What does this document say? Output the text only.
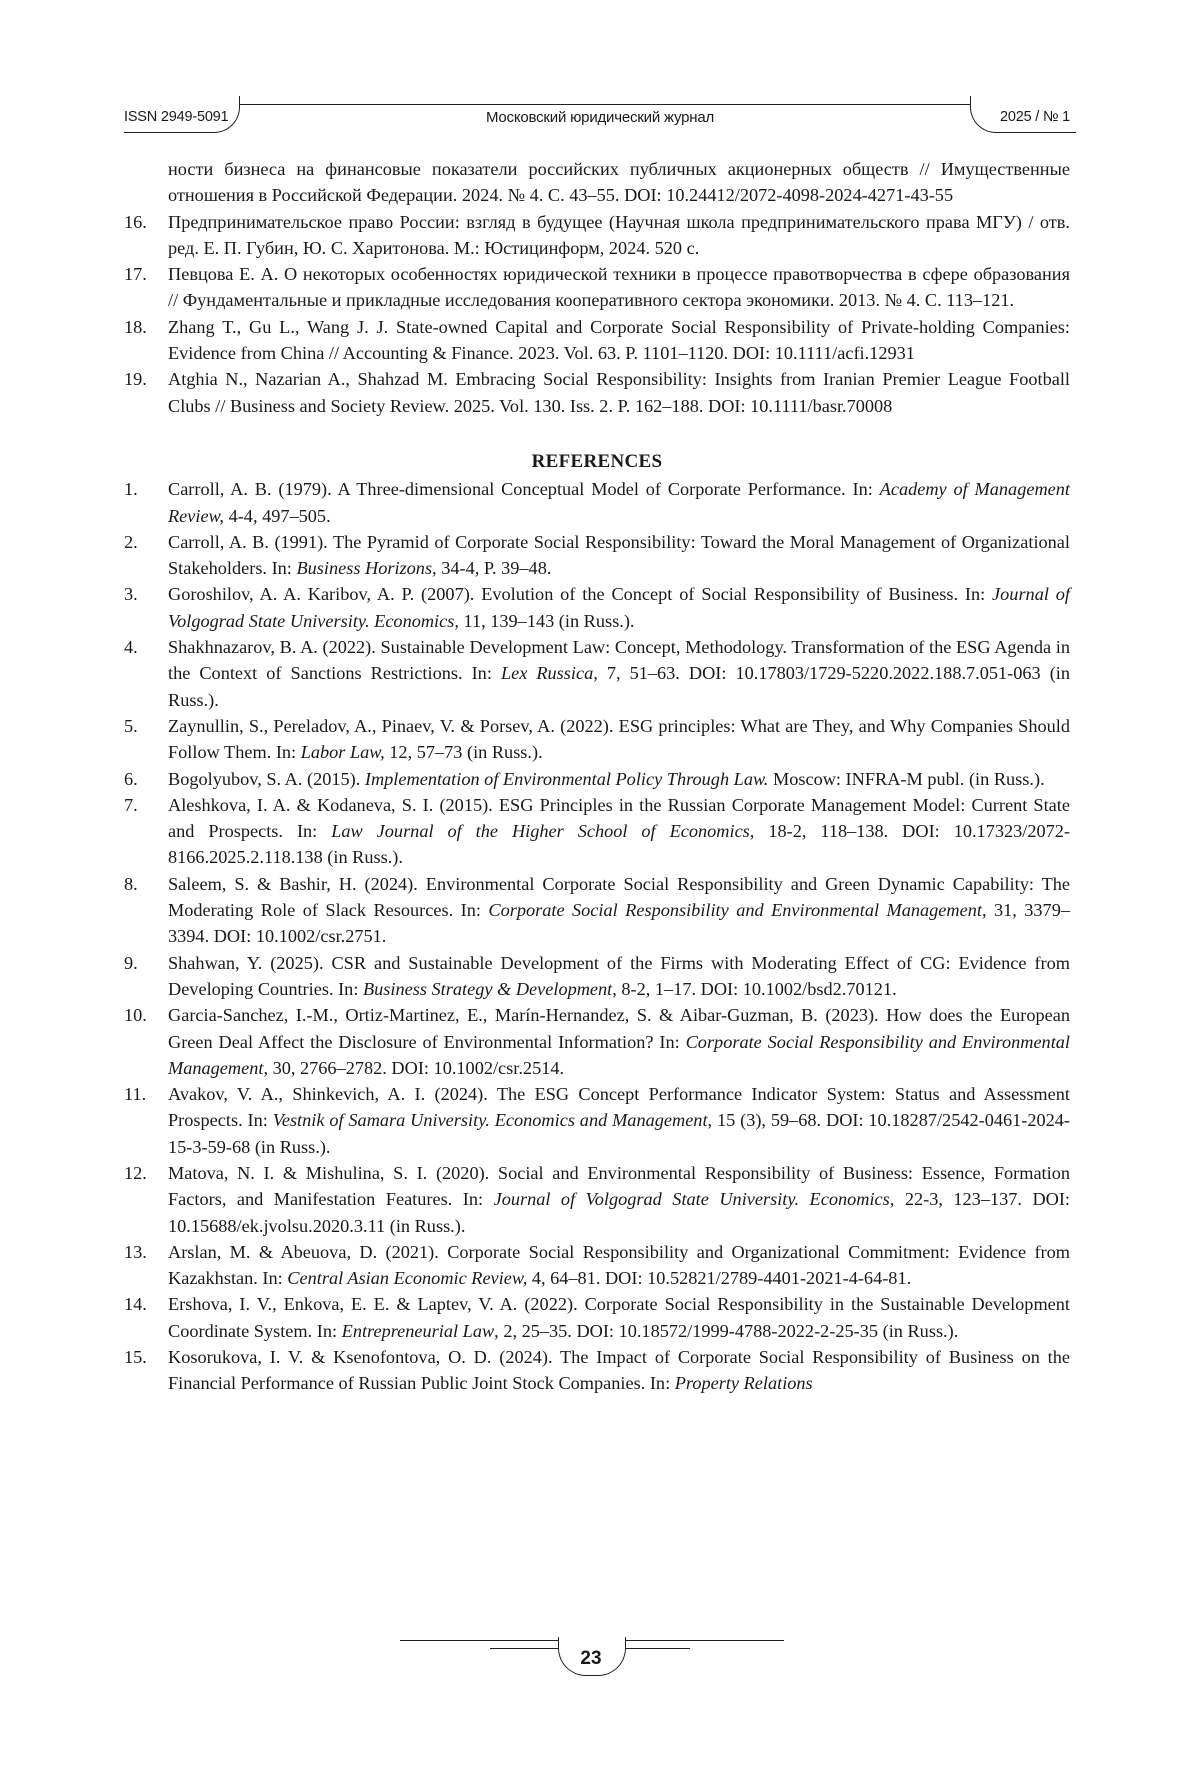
ISSN 2949-5091	Московский юридический журнал	2025 / № 1
ности бизнеса на финансовые показатели российских публичных акционерных обществ // Имущественные отношения в Российской Федерации. 2024. № 4. С. 43–55. DOI: 10.24412/2072-4098-2024-4271-43-55
16.	Предпринимательское право России: взгляд в будущее (Научная школа предпринимательского права МГУ) / отв. ред. Е. П. Губин, Ю. С. Харитонова. М.: Юстицинформ, 2024. 520 с.
17.	Певцова Е. А. О некоторых особенностях юридической техники в процессе правотворчества в сфере образования // Фундаментальные и прикладные исследования кооперативного сектора экономики. 2013. № 4. С. 113–121.
18.	Zhang T., Gu L., Wang J. J. State-owned Capital and Corporate Social Responsibility of Private-holding Companies: Evidence from China // Accounting & Finance. 2023. Vol. 63. P. 1101–1120. DOI: 10.1111/acfi.12931
19.	Atghia N., Nazarian A., Shahzad M. Embracing Social Responsibility: Insights from Iranian Premier League Football Clubs // Business and Society Review. 2025. Vol. 130. Iss. 2. P. 162–188. DOI: 10.1111/basr.70008
REFERENCES
1.	Carroll, A. B. (1979). A Three-dimensional Conceptual Model of Corporate Performance. In: Academy of Management Review, 4-4, 497–505.
2.	Carroll, A. B. (1991). The Pyramid of Corporate Social Responsibility: Toward the Moral Management of Organizational Stakeholders. In: Business Horizons, 34-4, P. 39–48.
3.	Goroshilov, A. A. Karibov, A. P. (2007). Evolution of the Concept of Social Responsibility of Business. In: Journal of Volgograd State University. Economics, 11, 139–143 (in Russ.).
4.	Shakhnazarov, B. A. (2022). Sustainable Development Law: Concept, Methodology. Transformation of the ESG Agenda in the Context of Sanctions Restrictions. In: Lex Russica, 7, 51–63. DOI: 10.17803/1729-5220.2022.188.7.051-063 (in Russ.).
5.	Zaynullin, S., Pereladov, A., Pinaev, V. & Porsev, A. (2022). ESG principles: What are They, and Why Companies Should Follow Them. In: Labor Law, 12, 57–73 (in Russ.).
6.	Bogolyubov, S. A. (2015). Implementation of Environmental Policy Through Law. Moscow: INFRA-M publ. (in Russ.).
7.	Aleshkova, I. A. & Kodaneva, S. I. (2015). ESG Principles in the Russian Corporate Management Model: Current State and Prospects. In: Law Journal of the Higher School of Economics, 18-2, 118–138. DOI: 10.17323/2072-8166.2025.2.118.138 (in Russ.).
8.	Saleem, S. & Bashir, H. (2024). Environmental Corporate Social Responsibility and Green Dynamic Capability: The Moderating Role of Slack Resources. In: Corporate Social Responsibility and Environmental Management, 31, 3379–3394. DOI: 10.1002/csr.2751.
9.	Shahwan, Y. (2025). CSR and Sustainable Development of the Firms with Moderating Effect of CG: Evidence from Developing Countries. In: Business Strategy & Development, 8-2, 1–17. DOI: 10.1002/bsd2.70121.
10.	Garcia-Sanchez, I.-M., Ortiz-Martinez, E., Marín-Hernandez, S. & Aibar-Guzman, B. (2023). How does the European Green Deal Affect the Disclosure of Environmental Information? In: Corporate Social Responsibility and Environmental Management, 30, 2766–2782. DOI: 10.1002/csr.2514.
11.	Avakov, V. A., Shinkevich, A. I. (2024). The ESG Concept Performance Indicator System: Status and Assessment Prospects. In: Vestnik of Samara University. Economics and Management, 15 (3), 59–68. DOI: 10.18287/2542-0461-2024-15-3-59-68 (in Russ.).
12.	Matova, N. I. & Mishulina, S. I. (2020). Social and Environmental Responsibility of Business: Essence, Formation Factors, and Manifestation Features. In: Journal of Volgograd State University. Economics, 22-3, 123–137. DOI: 10.15688/ek.jvolsu.2020.3.11 (in Russ.).
13.	Arslan, M. & Abeuova, D. (2021). Corporate Social Responsibility and Organizational Commitment: Evidence from Kazakhstan. In: Central Asian Economic Review, 4, 64–81. DOI: 10.52821/2789-4401-2021-4-64-81.
14.	Ershova, I. V., Enkova, E. E. & Laptev, V. A. (2022). Corporate Social Responsibility in the Sustainable Development Coordinate System. In: Entrepreneurial Law, 2, 25–35. DOI: 10.18572/1999-4788-2022-2-25-35 (in Russ.).
15.	Kosorukova, I. V. & Ksenofontova, O. D. (2024). The Impact of Corporate Social Responsibility of Business on the Financial Performance of Russian Public Joint Stock Companies. In: Property Relations
23
